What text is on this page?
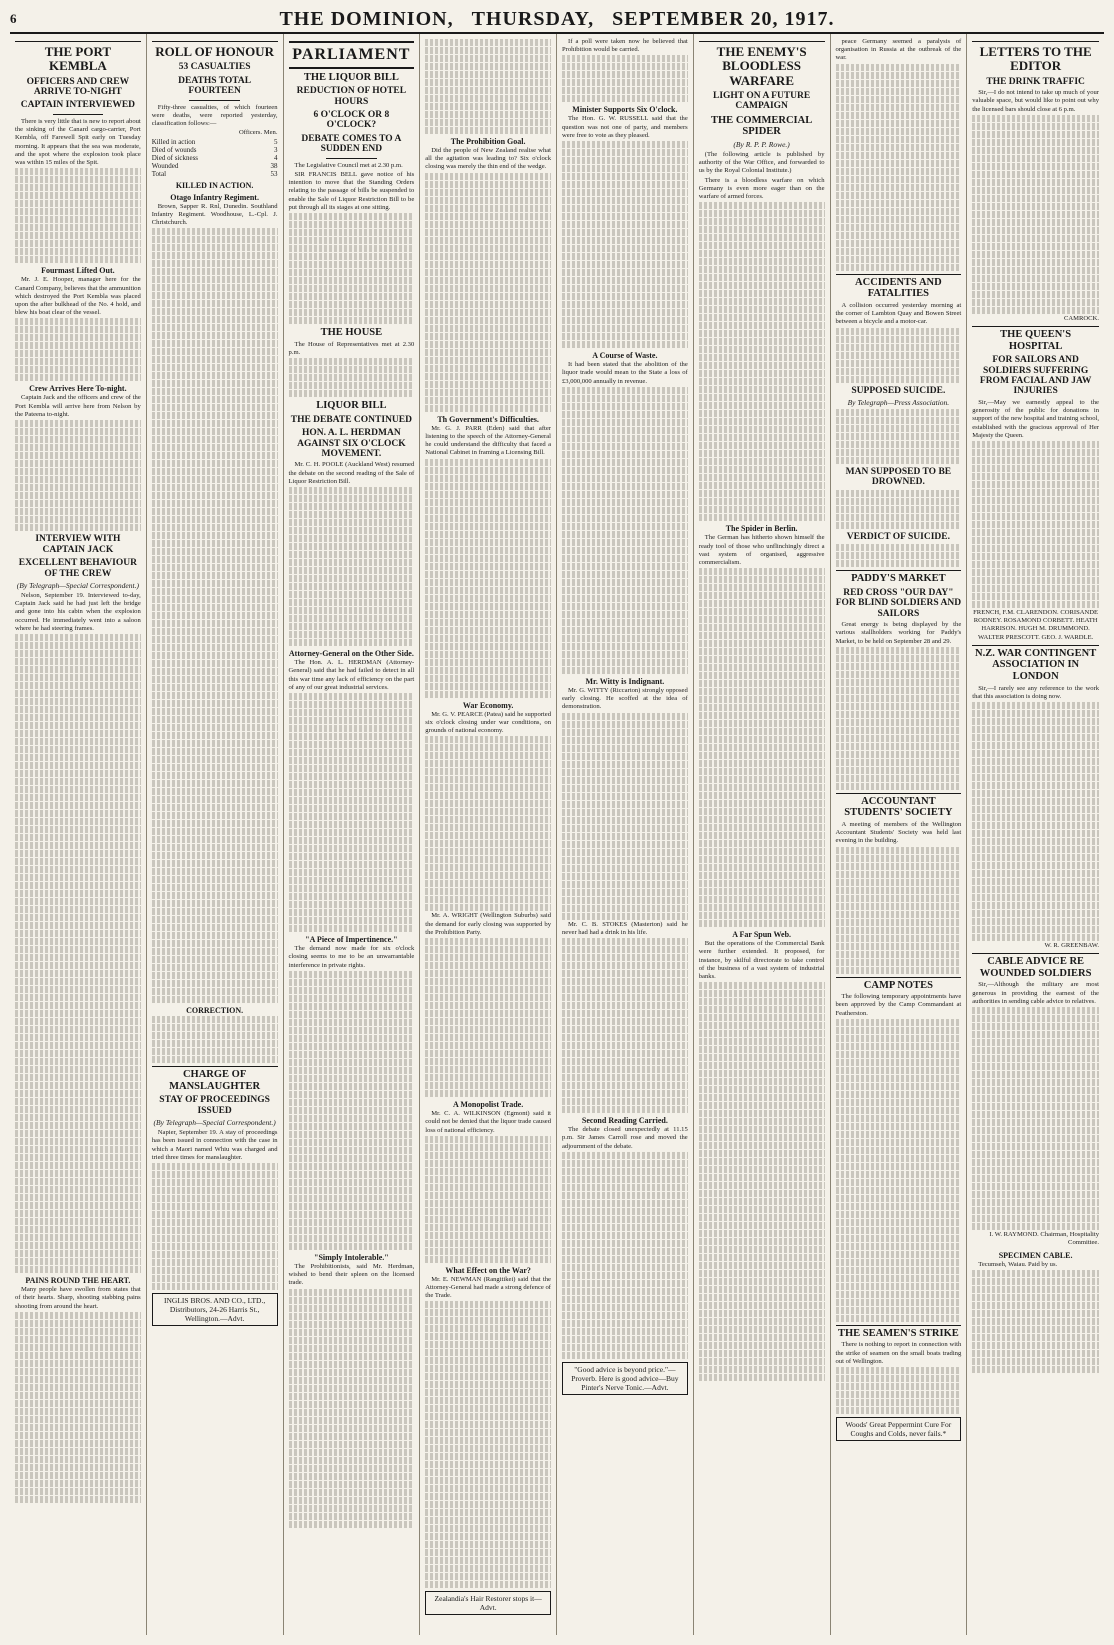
6	THE DOMINION, THURSDAY, SEPTEMBER 20, 1917.
THE PORT KEMBLA
OFFICERS AND CREW ARRIVE TO-NIGHT
CAPTAIN INTERVIEWED

There is very little that is new to report about the sinking of the Canard cargo-carrier, Port Kembla, off Farewell Spit early on Tuesday morning. It appears that the sea was moderate, and the spot where the explosion took place was within 15 miles of the Spit.

Fourmast Lifted Out.

Mr. J. E. Hooper, manager here for the Canard Company, believes that the ammunition which destroyed the Port Kembla was placed upon the after bulkhead of the No. 4 hold, and blew his boat clear of the vessel.

Crew Arrives Here To-night.

Captain Jack and the officers and crew of the Port Kembla will arrive here from Nelson by the Pateena to-night.

INTERVIEW WITH CAPTAIN JACK
EXCELLENT BEHAVIOUR OF THE CREW
(By Telegraph—Special Correspondent.)

Nelson, September 19. Interviewed to-day, Captain Jack said he had just left the bridge and gone into his cabin when the explosion occurred. He immediately went into a saloon where he had steering frames.

PAINS ROUND THE HEART.

Many people have swollen from states that of their hearts. Sharp, shooting stabbing pains shooting from around the heart.

ROLL OF HONOUR
53 CASUALTIES
DEATHS TOTAL FOURTEEN

Fifty-three casualties, of which fourteen were deaths, were reported yesterday, classification follows:—

Officers. Men.
Killed in action	5
Died of wounds	3
Died of sickness	4
Wounded	38
Total	53
KILLED IN ACTION.
Otago Infantry Regiment.

Brown, Sapper R. Rnl, Dunedin. Southland Infantry Regiment. Woodhouse, L.-Cpl. J. Christchurch.

CORRECTION.
CHARGE OF MANSLAUGHTER
STAY OF PROCEEDINGS ISSUED
(By Telegraph—Special Correspondent.)

Napier, September 19. A stay of proceedings has been issued in connection with the case in which a Maori named Whiu was charged and tried three times for manslaughter.

INGLIS BROS. AND CO., LTD., Distributors, 24-26 Harris St., Wellington.—Advt.
PARLIAMENT
THE LIQUOR BILL
REDUCTION OF HOTEL HOURS
6 O'CLOCK OR 8 O'CLOCK?
DEBATE COMES TO A SUDDEN END

The Legislative Council met at 2.30 p.m.

SIR FRANCIS BELL gave notice of his intention to move that the Standing Orders relating to the passage of bills be suspended to enable the Sale of Liquor Restriction Bill to be put through all its stages at one sitting.

THE HOUSE

The House of Representatives met at 2.30 p.m.

LIQUOR BILL
THE DEBATE CONTINUED
HON. A. L. HERDMAN AGAINST SIX O'CLOCK MOVEMENT.

Mr. C. H. POOLE (Auckland West) resumed the debate on the second reading of the Sale of Liquor Restriction Bill.

Attorney-General on the Other Side.

The Hon. A. L. HERDMAN (Attorney-General) said that he had failed to detect in all this war time any lack of efficiency on the part of any of our great industrial services.

"A Piece of Impertinence."

The demand now made for six o'clock closing seems to me to be an unwarrantable interference in private rights.

"Simply Intolerable."

The Prohibitionists, said Mr. Herdman, wished to bend their spleen on the licensed trade.

The Prohibition Goal.

Did the people of New Zealand realise what all the agitation was leading to? Six o'clock closing was merely the thin end of the wedge.

Th Government's Difficulties.

Mr. G. J. PARR (Eden) said that after listening to the speech of the Attorney-General he could understand the difficulty that faced a National Cabinet in framing a Licensing Bill.

War Economy.

Mr. G. V. PEARCE (Patea) said he supported six o'clock closing under war conditions, on grounds of national economy.

Mr. A. WRIGHT (Wellington Suburbs) said the demand for early closing was supported by the Prohibition Party.

A Monopolist Trade.

Mr. C. A. WILKINSON (Egmont) said it could not be denied that the liquor trade caused loss of national efficiency.

What Effect on the War?

Mr. E. NEWMAN (Rangitikei) said that the Attorney-General had made a strong defence of the Trade.

Zealandia's Hair Restorer stops it—Advt.

If a poll were taken now he believed that Prohibition would be carried.

Minister Supports Six O'clock.

The Hon. G. W. RUSSELL said that the question was not one of party, and members were free to vote as they pleased.

A Course of Waste.

It had been stated that the abolition of the liquor trade would mean to the State a loss of £3,000,000 annually in revenue.

Mr. Witty is Indignant.

Mr. G. WITTY (Riccarton) strongly opposed early closing. He scoffed at the idea of demonstration.

Mr. C. B. STOKES (Masterton) said he never had had a drink in his life.

Second Reading Carried.

The debate closed unexpectedly at 11.15 p.m. Sir James Carroll rose and moved the adjournment of the debate.

"Good advice is beyond price."—Proverb. Here is good advice—Buy Pinter's Nerve Tonic.—Advt.
THE ENEMY'S BLOODLESS WARFARE
LIGHT ON A FUTURE CAMPAIGN
THE COMMERCIAL SPIDER
(By R. P. P. Rowe.)

(The following article is published by authority of the War Office, and forwarded to us by the Royal Colonial Institute.)

There is a bloodless warfare on which Germany is even more eager than on the warfare of armed forces.

The Spider in Berlin.

The German has hitherto shown himself the ready tool of those who unflinchingly direct a vast system of organised, aggressive commercialism.

A Far Spun Web.

But the operations of the Commercial Bank were further extended. It proposed, for instance, by skilful directorate to take control of the business of a vast system of industrial banks.

peace Germany seemed a paralysis of organisation in Russia at the outbreak of the war.

ACCIDENTS AND FATALITIES

A collision occurred yesterday morning at the corner of Lambton Quay and Bowen Street between a bicycle and a motor-car.

SUPPOSED SUICIDE.
By Telegraph—Press Association.
MAN SUPPOSED TO BE DROWNED.
VERDICT OF SUICIDE.
PADDY'S MARKET
RED CROSS "OUR DAY" FOR BLIND SOLDIERS AND SAILORS

Great energy is being displayed by the various stallholders working for Paddy's Market, to be held on September 28 and 29.

ACCOUNTANT STUDENTS' SOCIETY

A meeting of members of the Wellington Accountant Students' Society was held last evening in the building.

CAMP NOTES

The following temporary appointments have been approved by the Camp Commandant at Featherston.

THE SEAMEN'S STRIKE

There is nothing to report in connection with the strike of seamen on the small boats trading out of Wellington.

Woods' Great Peppermint Cure For Coughs and Colds, never fails.*
LETTERS TO THE EDITOR
THE DRINK TRAFFIC

Sir,—I do not intend to take up much of your valuable space, but would like to point out why the licensed bars should close at 6 p.m.

CAMROCK.
THE QUEEN'S HOSPITAL
FOR SAILORS AND SOLDIERS SUFFERING FROM FACIAL AND JAW INJURIES

Sir,—May we earnestly appeal to the generosity of the public for donations in support of the new hospital and training school, established with the gracious approval of Her Majesty the Queen.

FRENCH, F.M. CLARENDON. CORISANDE RODNEY. ROSAMOND CORBETT. HEATH HARRISON. HUGH M. DRUMMOND. WALTER PRESCOTT. GEO. J. WARDLE.
N.Z. WAR CONTINGENT ASSOCIATION IN LONDON

Sir,—I rarely see any reference to the work that this association is doing now.

W. R. GREENBAW.
CABLE ADVICE RE WOUNDED SOLDIERS

Sir,—Although the military are most generous in providing the earnest of the authorities in sending cable advice to relatives.

I. W. RAYMOND. Chairman, Hospitality Committee.
SPECIMEN CABLE.

Tecumseh, Waiau. Paid by us.
